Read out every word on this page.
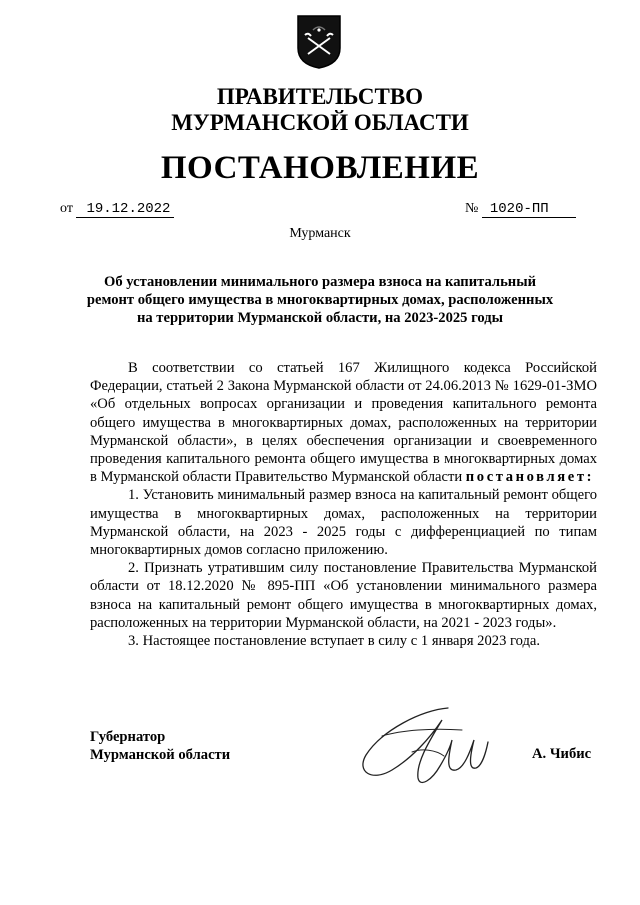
ПРАВИТЕЛЬСТВО
МУРМАНСКОЙ ОБЛАСТИ
ПОСТАНОВЛЕНИЕ
от 19.12.2022	№ 1020-ПП
Мурманск
Об установлении минимального размера взноса на капитальный
ремонт общего имущества в многоквартирных домах, расположенных
на территории Мурманской области, на 2023-2025 годы

В соответствии со статьей 167 Жилищного кодекса Российской Федерации, статьей 2 Закона Мурманской области от 24.06.2013 № 1629-01-ЗМО «Об отдельных вопросах организации и проведения капитального ремонта общего имущества в многоквартирных домах, расположенных на территории Мурманской области», в целях обеспечения организации и своевременного проведения капитального ремонта общего имущества в многоквартирных домах в Мурманской области Правительство Мурманской области постановляет:

1. Установить минимальный размер взноса на капитальный ремонт общего имущества в многоквартирных домах, расположенных на территории Мурманской области, на 2023 - 2025 годы с дифференциацией по типам многоквартирных домов согласно приложению.

2. Признать утратившим силу постановление Правительства Мурманской области от 18.12.2020 № 895-ПП «Об установлении минимального размера взноса на капитальный ремонт общего имущества в многоквартирных домах, расположенных на территории Мурманской области, на 2021 - 2023 годы».

3. Настоящее постановление вступает в силу с 1 января 2023 года.

Губернатор
Мурманской области	А. Чибис
